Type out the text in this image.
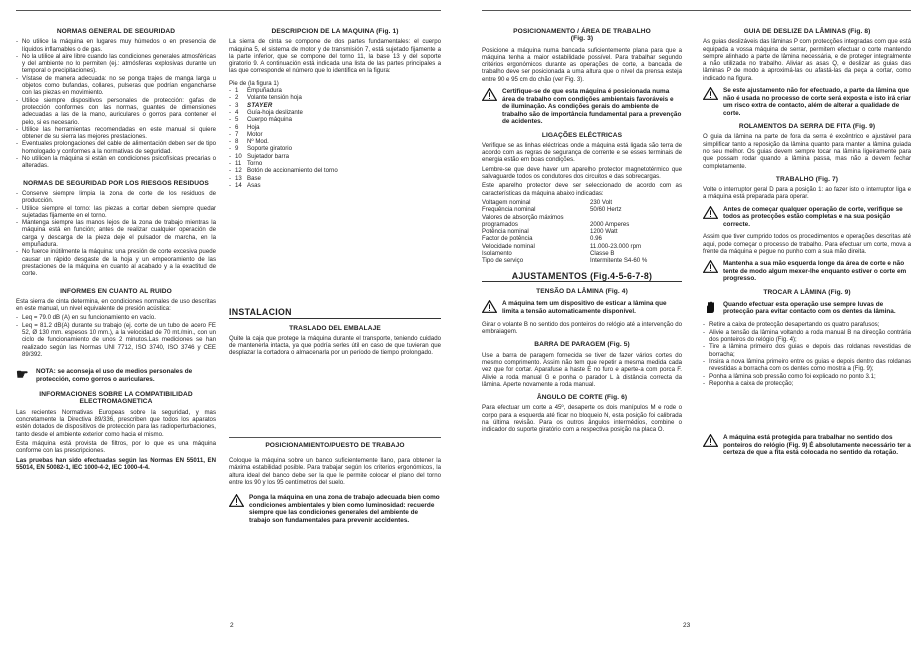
NORMAS GENERAL DE SEGURIDAD
- No utilice la máquina en lugares muy húmedos o en presencia de líquidos inflamables o de gas.
- No la utilice al aire libre cuando las condiciones generales atmosféricas y del ambiente no lo permiten (ej.: atmósferas explosivas durante un temporal o precipitaciones).
- Vístase de manera adecuada: no se ponga trajes de manga larga u objetos como bufandas, collares, pulseras que podrían engancharse con las piezas en movimiento.
- Utilice siempre dispositivos personales de protección: gafas de protección conformes con las normas, guantes de dimensiones adecuadas a las de la mano, auriculares o gorros para contener el pelo, si es necesario.
- Utilice las herramientas recomendadas en este manual si quiere obtener de su sierra las mejores prestaciones.
- Eventuales prolongaciones del cable de alimentación deben ser de tipo homologado y conformes a la normativas de seguridad.
- No utilicen la máquina si están en condiciones psicofísicas precarias o alteradas.
NORMAS DE SEGURIDAD POR LOS RIESGOS RESIDUOS
- Conserve siempre limpia la zona de corte de los residuos de producción.
- Utilice siempre el torno: las piezas a cortar deben siempre quedar sujetadas fijamente en el torno.
- Mantenga siempre las manos lejos de la zona de trabajo mientras la máquina está en función; antes de realizar cualquier operación de carga y descarga de la pieza deje el pulsador de marcha, en la empuñadura.
- No fuerce inútilmente la máquina: una presión de corte excesiva puede causar un rápido desgaste de la hoja y un empeoramiento de las prestaciones de la máquina en cuanto al acabado y a la exactitud de corte.
INFORMES EN CUANTO AL RUIDO

Esta sierra de cinta determina, en condiciones normales de uso descritas en este manual, un nivel equivalente de presión acústica:

- Leq = 79.0 dB (A) en su funcionamiento en vacío.
- Leq = 81.2 dB(A) durante su trabajo (ej. corte de un tubo de acero FE 52, Ø 130 mm. espesos 10 mm.), a la velocidad de 70 mt./min., con un ciclo de funcionamiento de unos 2 minutos.Las mediciones se han realizado según las Normas UNI 7712, ISO 3740, ISO 3746 y CEE 89/392.
☛	NOTA: se aconseja el uso de medios personales de protección, como gorros o auriculares.
INFORMACIONES SOBRE LA COMPATIBILIDAD ELECTROMAGNETICA

Las recientes Normativas Europeas sobre la seguridad, y mas concretamente la Directiva 89/336, prescriben que todos los aparatos estén dotados de dispositivos de protección para las radioperturbaciones, tanto desde el ambiente exterior como hacia el mismo.

Esta máquina está provista de filtros, por lo que es una máquina conforme con las prescripciones.

Las pruebas han sido efectuadas según las Normas EN 55011, EN 55014, EN 50082-1, IEC 1000-4-2, IEC 1000-4-4.

2
DESCRIPCION DE LA MAQUINA (Fig. 1)

La sierra de cinta se compone de dos partes fundamentales: el cuerpo máquina 5, el sistema de motor y de transmisión 7, está sujetado fijamente a la parte inferior, que se compone del torno 11, la base 13 y del soporte giratorio 9. A continuación está indicada una lista de las partes principales a las que corresponde el número que lo identifica en la figura:

Pie de (la figura 1)
- 1	Empuñadura
- 2	Volante tensión hoja
- 3	STAYER
- 4	Guía-hoja deslizante
- 5	Cuerpo máquina
- 6	Hoja
- 7	Motor
- 8	Nº Mod.
- 9	Soporte giratorio
- 10 Sujetador barra
- 11 Torno
- 12 Botón de accionamiento del torno
- 13 Base
- 14 Asas
INSTALACION
TRASLADO DEL EMBALAJE

Quite la caja que protege la máquina durante el transporte, teniendo cuidado de mantenerla intacta, ya que podría serles útil en caso de que tuvieran que desplazar la cortadora o almacenarla por un período de tiempo prolongado.

POSICIONAMIENTO/PUESTO DE TRABAJO

Coloque la máquina sobre un banco suficientemente llano, para obtener la máxima estabilidad posible. Para trabajar según los criterios ergonómicos, la altura ideal del banco debe ser la que le permite colocar el plano del torno entre los 90 y los 95 centímetros del suelo.

Ponga la máquina en una zona de trabajo adecuada bien como condiciones ambientales y bien como luminosidad: recuerde siempre que las condiciones generales del ambiente de trabajo son fundamentales para prevenir accidentes.
POSICIONAMENTO / ÁREA DE TRABALHO
(Fig. 3)

Posicione a máquina numa bancada suficientemente plana para que a máquina tenha a maior estabilidade possível. Para trabalhar segundo critérios ergonómicos durante as operações de corte, a bancada de trabalho deve ser posicionada a uma altura que o nível da prensa esteja entre 90 e 95 cm do chão (ver Fig. 3).

Certifique-se de que esta máquina é posicionada numa área de trabalho com condições ambientais favoráveis e de iluminação. As condições gerais do ambiente de trabalho são de importância fundamental para a prevenção de acidentes.
LIGAÇÕES ELÉCTRICAS

Verifique se as linhas eléctricas onde a máquina está ligada são terra de acordo com as regras de segurança de corrente e se esses terminais de energia estão em boas condições.

Lembre-se que deve haver um aparelho protector magnetotérmico que salvaguarde todos os condutores dos circuitos e das sobrecargas.

Este aparelho protector deve ser seleccionado de acordo com as características da máquina abaixo indicadas:

Voltagem nominal	230 Volt
Frequência nominal	50/60 Hertz
Valores de absorção máximos
programados	2000 Amperes
Potência nominal	1200 Watt
Factor de potência	0.96
Velocidade nominal	11.000-23.000 rpm
Isolamento	Classe B
Tipo de serviço	Intermitente S4-60 %
AJUSTAMENTOS (Fig.4-5-6-7-8)
TENSÃO DA LÂMINA (Fig. 4)
A máquina tem um dispositivo de esticar a lâmina que limita a tensão automaticamente disponível.

Girar o volante B no sentido dos ponteiros do relógio até a intervenção do embraiagem.

BARRA DE PARAGEM (Fig. 5)

Use a barra de paragem fornecida se tiver de fazer vários cortes do mesmo comprimento. Assim não tem que repetir a mesma medida cada vez que for cortar. Aparafuse a haste E no furo e aperte-a com porca F. Alivie a roda manual G e ponha o parador L à distância correcta da lâmina. Aperte novamente a roda manual.

ÂNGULO DE CORTE (Fig. 6)

Para efectuar um corte a 45º, desaperte os dois manípulos M e rode o corpo para a esquerda até ficar no bloqueio N, esta posição foi calibrada na última revisão. Para os outros ângulos intermédios, combine o indicador do suporte giratório com a respectiva posição na placa O.

GUIA DE DESLIZE DA LÂMINAS (Fig. 8)

As guias deslizáveis das lâminas P com protecções integradas com que está equipada a vossa máquina de serrar, permitem efectuar o corte mantendo sempre alinhado a parte de lâmina necessária, e de proteger integralmente a não utilizada no trabalho. Aliviar as asas Q, e deslizar as guias das lâminas P de modo a aproximá-las ou afastá-las da peça a cortar, como indicado na figura.

Se este ajustamento não for efectuado, a parte da lâmina que não é usada no processo de corte será exposta e isto irá criar um risco extra de contacto, além de alterar a qualidade de corte.
ROLAMENTOS DA SERRA DE FITA (Fig. 9)

O guia da lâmina na parte de fora da serra é excêntrico e ajustável para simplificar tanto a reposição da lâmina quanto para manter a lâmina guiada no seu melhor. Os guias devem sempre tocar na lâmina ligeiramente para que possam rodar quando a lâmina passa, mas não a devem fechar completamente.

TRABALHO (Fig. 7)

Volte o interruptor geral D para a posição 1: ao fazer isto o interruptor liga e a máquina está preparada para operar.

Antes de começar qualquer operação de corte, verifique se todos as protecções estão completas e na sua posição correcte.

Assim que tiver cumprido todos os procedimentos e operações descritas até aqui, pode começar o processo de trabalho. Para efectuar um corte, mova a frente da máquina e pegue no punho com a sua mão direita.

Mantenha a sua mão esquerda longe da área de corte e não tente de modo algum mexer-lhe enquanto estiver o corte em progresso.
TROCAR A LÂMINA (Fig. 9)
Quando efectuar esta operação use sempre luvas de protecção para evitar contacto com os dentes da lâmina.
- Retire a caixa de protecção desapertando os quatro parafusos;
- Alivie a tensão da lâmina voltando a roda manual B na direcção contrária dos ponteiros do relógio (Fig. 4);
- Tire a lâmina primeiro dos guias e depois das roldanas revestidas de borracha;
- Insira a nova lâmina primeiro entre os guias e depois dentro das roldanas revestidas a borracha com os dentes como mostra a (Fig. 9);
- Ponha a lâmina sob pressão como foi explicado no ponto 3.1;
- Reponha a caixa de protecção;
A máquina está protegida para trabalhar no sentido dos ponteiros do relógio (Fig. 9) É absolutamente necessário ter a certeza de que a fita está colocada no sentido da rotação.
23
